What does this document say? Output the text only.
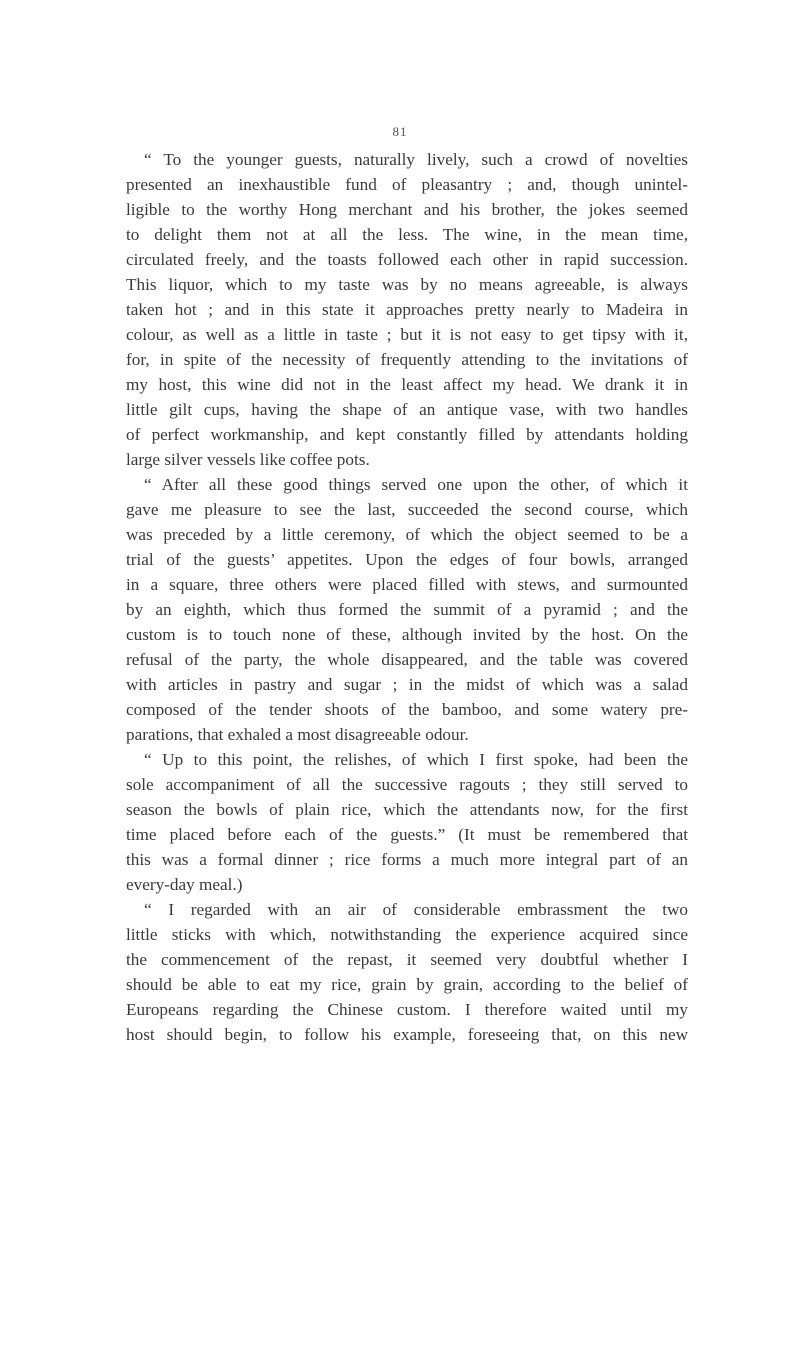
81
“ To the younger guests, naturally lively, such a crowd of novelties
presented an inexhaustible fund of pleasantry ; and, though unintel-
ligible to the worthy Hong merchant and his brother, the jokes seemed
to delight them not at all the less. The wine, in the mean time,
circulated freely, and the toasts followed each other in rapid succession.
This liquor, which to my taste was by no means agreeable, is always
taken hot ; and in this state it approaches pretty nearly to Madeira in
colour, as well as a little in taste ; but it is not easy to get tipsy with it,
for, in spite of the necessity of frequently attending to the invitations of
my host, this wine did not in the least affect my head. We drank it in
little gilt cups, having the shape of an antique vase, with two handles
of perfect workmanship, and kept constantly filled by attendants holding
large silver vessels like coffee pots.
“ After all these good things served one upon the other, of which it
gave me pleasure to see the last, succeeded the second course, which
was preceded by a little ceremony, of which the object seemed to be a
trial of the guests’ appetites. Upon the edges of four bowls, arranged
in a square, three others were placed filled with stews, and surmounted
by an eighth, which thus formed the summit of a pyramid ; and the
custom is to touch none of these, although invited by the host. On the
refusal of the party, the whole disappeared, and the table was covered
with articles in pastry and sugar ; in the midst of which was a salad
composed of the tender shoots of the bamboo, and some watery pre-
parations, that exhaled a most disagreeable odour.
“ Up to this point, the relishes, of which I first spoke, had been the
sole accompaniment of all the successive ragouts ; they still served to
season the bowls of plain rice, which the attendants now, for the first
time placed before each of the guests.” (It must be remembered that
this was a formal dinner ; rice forms a much more integral part of an
every-day meal.)
“ I regarded with an air of considerable embrassment the two
little sticks with which, notwithstanding the experience acquired since
the commencement of the repast, it seemed very doubtful whether I
should be able to eat my rice, grain by grain, according to the belief of
Europeans regarding the Chinese custom. I therefore waited until my
host should begin, to follow his example, foreseeing that, on this new
